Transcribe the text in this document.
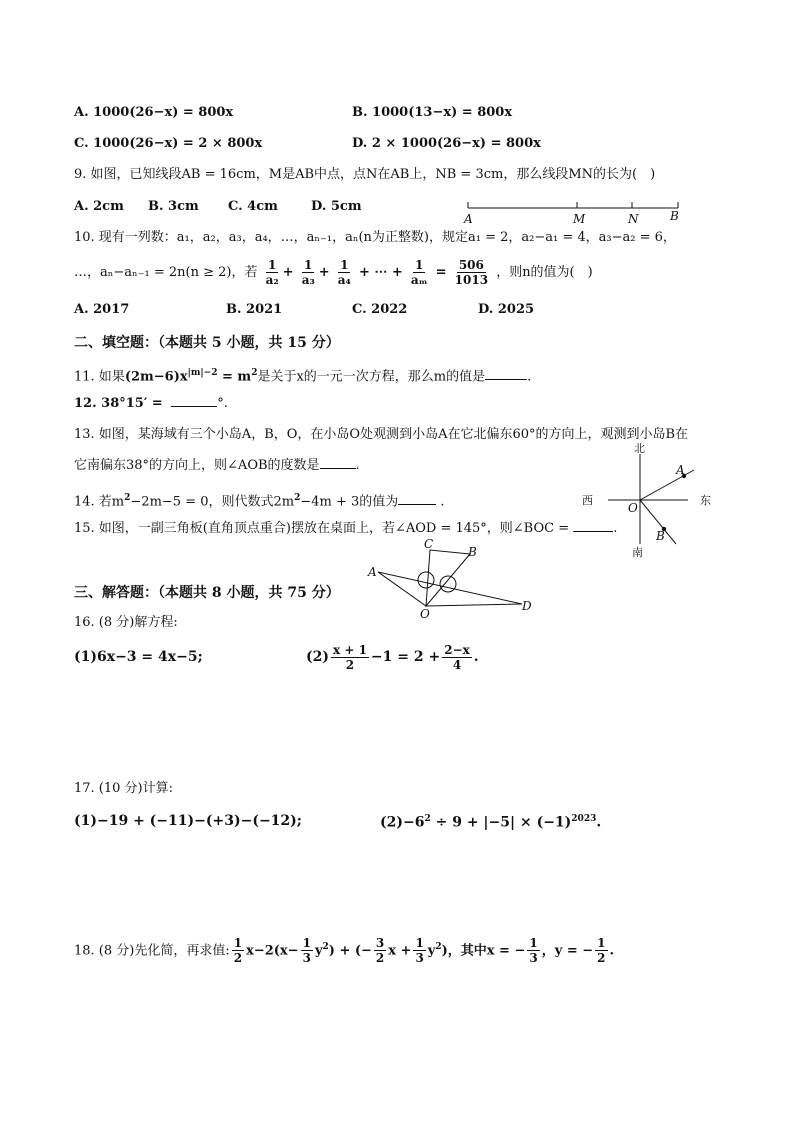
A. 1000(26−x) = 800x	B. 1000(13−x) = 800x
C. 1000(26−x) = 2 × 800x	D. 2 × 1000(26−x) = 800x
9. 如图，已知线段AB = 16cm，M是AB中点，点N在AB上，NB = 3cm，那么线段MN的长为(　)
A. 2cm B. 3cm C. 4cm	D. 5cm
A	M	N	B
10. 现有一列数：a₁，a₂，a₃，a₄，…，aₙ₋₁，aₙ(n为正整数)，规定a₁ = 2，a₂−a₁ = 4，a₃−a₂ = 6，
…，aₙ−aₙ₋₁ = 2n(n ≥ 2)，若 $\frac{1}{\text{a₂}} + \frac{1}{\text{a₃}} + \frac{1}{\text{a₄}}$ + ⋯ + $\frac{1}{\text{aₘ}} = \frac{506}{1013}$ ，则n的值为(　)
A. 2017	B. 2021	C. 2022	D. 2025
二、填空题：（本题共 5 小题，共 15 分）
11. 如果$(2m-6)x^{|m|-2} = m^2$是关于x的一元一次方程，那么m的值是	.
12. 38°15′ =	°.
13. 如图，某海域有三个小岛A，B，O，在小岛O处观测到小岛A在它北偏东60°的方向上，观测到小岛B在
它南偏东38°的方向上，则∠AOB的度数是	.
北
南
东
西
O
A
B
14. 若$m^2-2m-5 = 0$，则代数式$2m^2-4m + 3$的值为	.
15. 如图，一副三角板(直角顶点重合)摆放在桌面上，若∠AOD = 145°，则∠BOC =	.
A
C
B
D
O
三、解答题：（本题共 8 小题，共 75 分）
16. (8 分)解方程:
(1)6x−3 = 4x−5;	$(2) \frac{x + 1}{2} -1 = 2 + \frac{2-x}{4}$ .
17. (10 分)计算:
(1)−19 + (−11)−(+3)−(−12);	$(2)-6^2 \div 9 + |-5| \times (-1)^{2023}$.
18. (8 分)先化简，再求值: $\frac{1}{2} x-2(x- \frac{1}{3} y^2)$ + (− $\frac{3}{2}$ $x + \frac{1}{3} y^2$)，其中x = − $\frac{1}{3}$ ，y = − $\frac{1}{2}$ .
